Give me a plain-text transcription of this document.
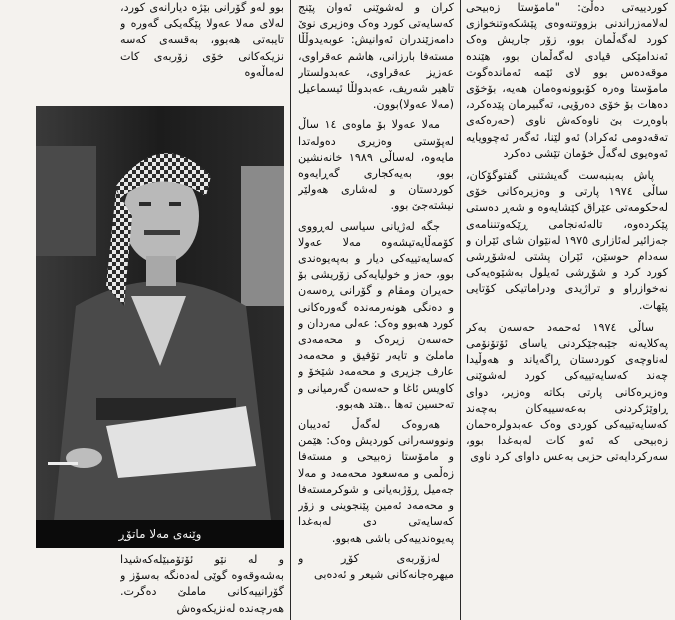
کوردییەتی دەڵێ: "مامۆستا زەبیحی لەلامەزراندنی بزووتنەوەی پێشکەوتنخوازی کورد لەگەڵمان بوو، زۆر جاریش وەک ئەندامێکی قیادی لەگەڵمان بوو، هێندە موقەدەس بوو لای ئێمە ئەماندەگوت مامۆستا وەرە کۆبوونەوەمان هەیە، بۆخۆی دەهات بۆ خۆی دەرۆیی، تەگبیرمان پێدەکرد، باوەڕت بێ ناوەکەش ناوی (حەرەکەی تەقەدومی ئەکراد) ئەو لێنا، ئەگەر ئەچوویایە ئەوەیوی لەگەڵ خۆمان تێشی دەکرد

پاش بەبنبەست گەیشتنی گفتوگۆکان، ساڵی ١٩٧٤ پارتی و وەزیرەکانی خۆی لەحکومەتی عێراق کێشایەوە و شەڕ دەستی پێکردەوە، تالەئەنجامی ڕێکەوتننامەی جەزائیر لەئازاری ١٩٧٥ لەنێوان شای ئێران و سەدام حوسێن، ئێران پشتی لەشۆڕشی کورد کرد و شۆڕشی ئەیلول بەشێوەیەکی نەخوازراو و تراژیدی ودراماتیکی کۆتایی پێهات.

ساڵی ١٩٧٤ ئەحمەد حەسەن بەکر پەکلایەنە جێبەجێکردنی یاسای ئۆتۆنۆمی لەناوچەی کوردستان ڕاگەیاند و هەوڵیدا چەند کەسایەتییەکی کورد لەشوێنی وەزیرەکانی پارتی بکاتە وەزیر، دوای ڕاوێژکردنی بەعەسییەکان بەچەند کەسایەتییەکی کوردی وەک عەبدولرەحمان زەبیحی کە ئەو کات لەبەغدا بوو، سەرکردایەتی حزبی بەعس داوای کرد ناوی

کران و لەشوێنی ئەوان پێنج کەسایەتی کورد وەک وەزیری نوێ دامەزێندران ئەوانیش: عوبەیدوڵڵا مستەفا بارزانی، هاشم عەقراوی، عەزیز عەقراوی، عەبدولستار تاهیر شەریف، عەبدولڵا ئیسماعیل (مەلا عەولا)بوون.

مەلا عەولا بۆ ماوەی ١٤ ساڵ لەپۆستی وەزیری دەولەتدا مایەوە، لەساڵی ١٩٨٩ خانەنشین بوو، بەیەکجاری گەڕایەوە کوردستان و لەشاری هەولێر نیشتەجێ بوو.

جگە لەژیانی سیاسی لەڕووی کۆمەڵایەتیشەوە مەلا عەولا کەسایەتییەکی دیار و بەپەیوەندی بوو، حەز و خولیایەکی زۆریشی بۆ حەیران ومقام و گۆرانی ڕەسەن و دەنگی هونەرمەندە گەورەکانی کورد هەبوو وەک: عەلی مەردان و حەسەن زیرەک و محەمەدی ماملێ و تایەر تۆفیق و محەمەد عارف جزیری و محەمەد شێخۆ و کاویس ئاغا و حەسەن گەرمیانی و تەحسین تەها ..هتد هەبوو.

هەروەک لەگەڵ ئەدیبان ونووسەرانی کوردیش وەک: هێمن و مامۆستا زەبیحی و مستەفا زەڵمی و مەسعود محەمەد و مەلا جەمیل ڕۆژبەیانی و شوکرمستەفا و محەمەد ئەمین پێنجوینی و زۆر کەسایەتی دی لەبەغدا پەیوەندییەکی باشی هەبوو.

لەزۆربەی کۆڕ و میهرەجانەکانی شیعر و ئەدەبی

بوو لەو گۆرانی بێژە دیارانەی کورد، لەلای مەلا عەولا پێگەیکی گەورە و تایبەتی هەبوو، بەقسەی کەسە نزیکەکانی خۆی زۆربەی کات لەماڵەوە

وێنەی مەلا ماتۆڕ

و لە نێو ئۆتۆمبێلەکەشیدا بەشەوقەوە گوێی لەدەنگە بەسۆز و گۆرانییەکانی ماملێ دەگرت. هەرچەندە لەنزیکەوەش
